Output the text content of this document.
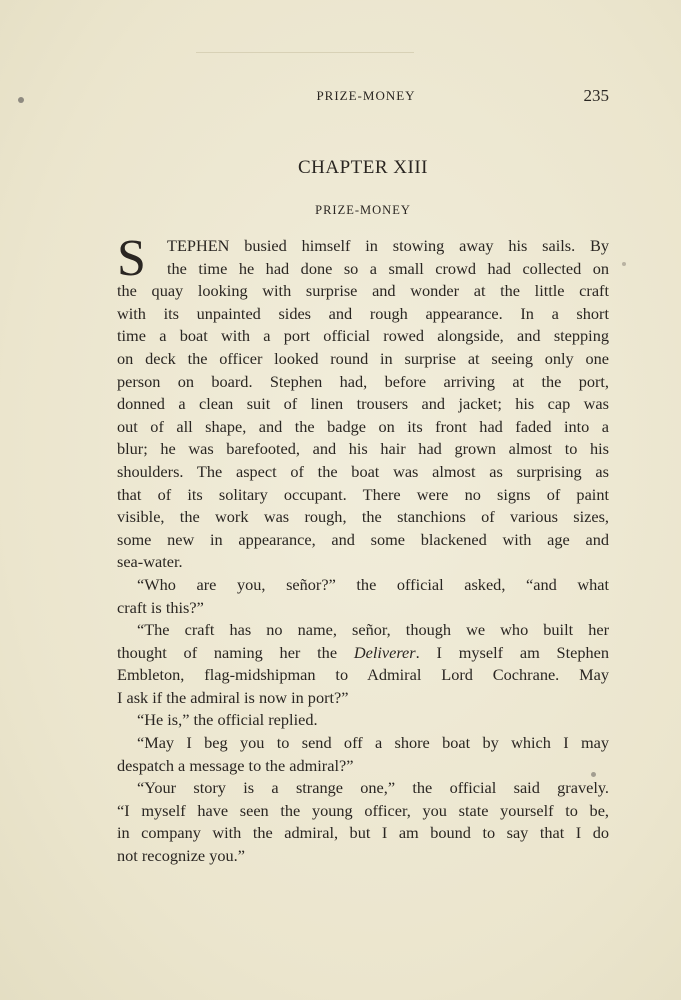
PRIZE-MONEY	235
CHAPTER XIII
PRIZE-MONEY
S	TEPHEN busied himself in stowing away his sails. By
the time he had done so a small crowd had collected on
the quay looking with surprise and wonder at the little craft
with its unpainted sides and rough appearance. In a short
time a boat with a port official rowed alongside, and stepping
on deck the officer looked round in surprise at seeing only one
person on board. Stephen had, before arriving at the port,
donned a clean suit of linen trousers and jacket; his cap was
out of all shape, and the badge on its front had faded into a
blur; he was barefooted, and his hair had grown almost to his
shoulders. The aspect of the boat was almost as surprising as
that of its solitary occupant. There were no signs of paint
visible, the work was rough, the stanchions of various sizes,
some new in appearance, and some blackened with age and
sea-water.
“Who are you, señor?” the official asked, “and what
craft is this?”
“The craft has no name, señor, though we who built her
thought of naming her the Deliverer. I myself am Stephen
Embleton, flag-midshipman to Admiral Lord Cochrane. May
I ask if the admiral is now in port?”
“He is,” the official replied.
“May I beg you to send off a shore boat by which I may
despatch a message to the admiral?”
“Your story is a strange one,” the official said gravely.
“I myself have seen the young officer, you state yourself to be,
in company with the admiral, but I am bound to say that I do
not recognize you.”
